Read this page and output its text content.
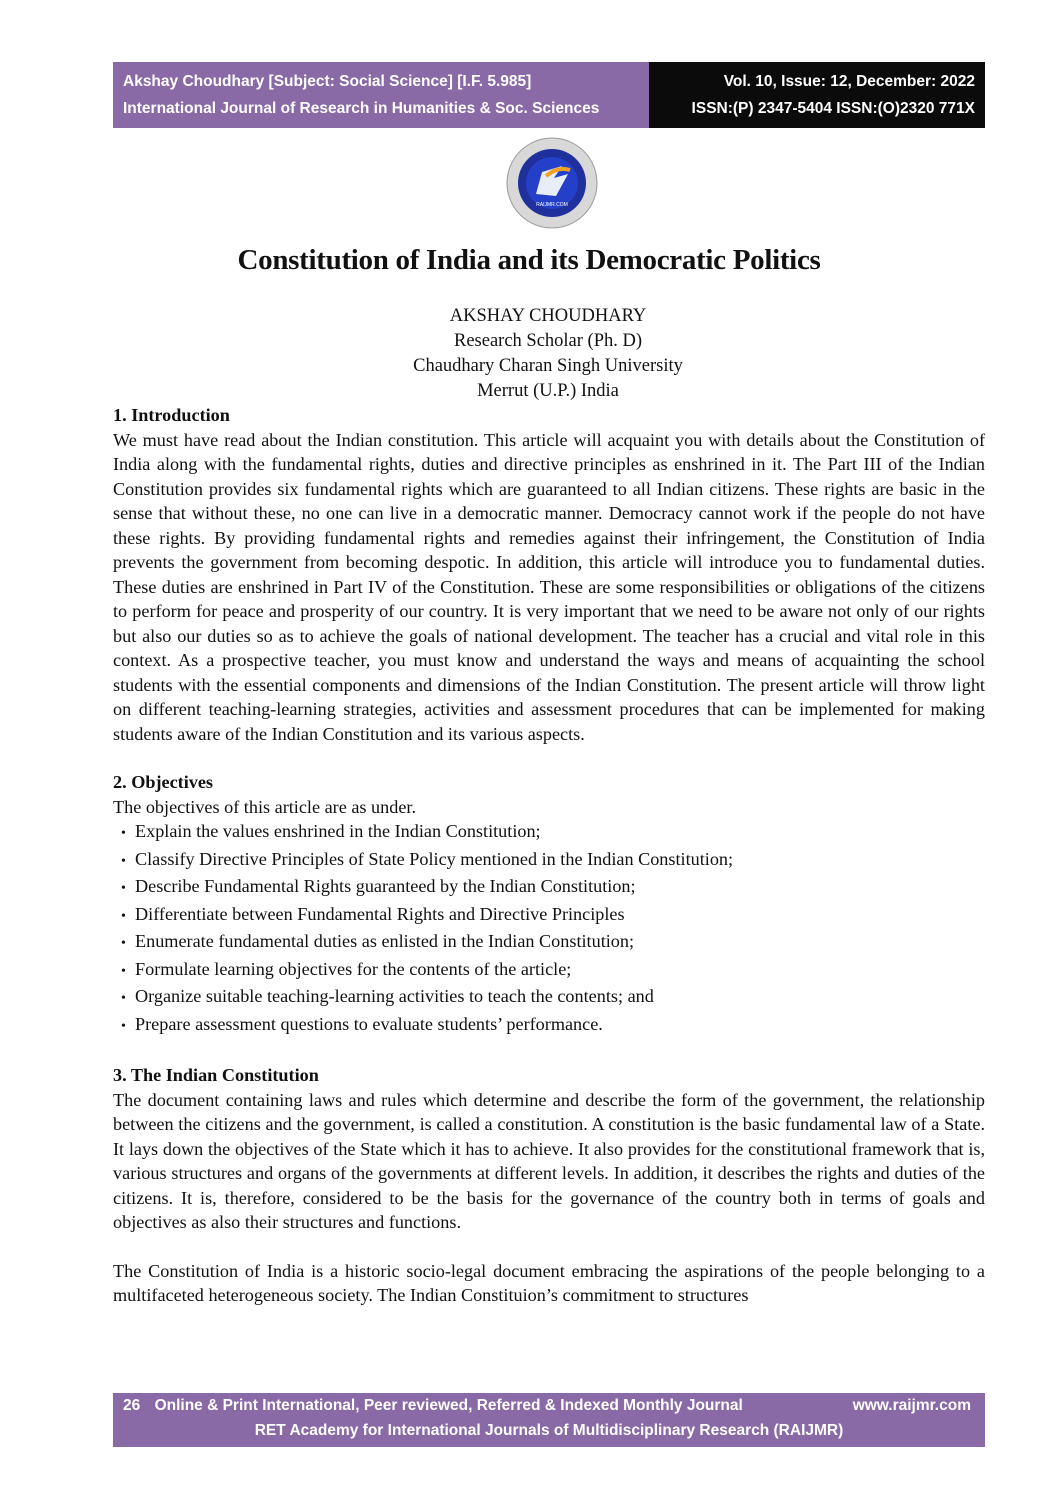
Akshay Choudhary [Subject: Social Science] [I.F. 5.985]
International Journal of Research in Humanities & Soc. Sciences
Vol. 10, Issue: 12, December: 2022
ISSN:(P) 2347-5404 ISSN:(O)2320 771X
RAIJMR.COM
Constitution of India and its Democratic Politics
AKSHAY CHOUDHARY
Research Scholar (Ph. D)
Chaudhary Charan Singh University
Merrut (U.P.) India
1. Introduction

We must have read about the Indian constitution. This article will acquaint you with details about the Constitution of India along with the fundamental rights, duties and directive principles as enshrined in it. The Part III of the Indian Constitution provides six fundamental rights which are guaranteed to all Indian citizens. These rights are basic in the sense that without these, no one can live in a democratic manner. Democracy cannot work if the people do not have these rights. By providing fundamental rights and remedies against their infringement, the Constitution of India prevents the government from becoming despotic. In addition, this article will introduce you to fundamental duties. These duties are enshrined in Part IV of the Constitution. These are some responsibilities or obligations of the citizens to perform for peace and prosperity of our country. It is very important that we need to be aware not only of our rights but also our duties so as to achieve the goals of national development. The teacher has a crucial and vital role in this context. As a prospective teacher, you must know and understand the ways and means of acquainting the school students with the essential components and dimensions of the Indian Constitution. The present article will throw light on different teaching-learning strategies, activities and assessment procedures that can be implemented for making students aware of the Indian Constitution and its various aspects.

2. Objectives

The objectives of this article are as under.

• Explain the values enshrined in the Indian Constitution;
• Classify Directive Principles of State Policy mentioned in the Indian Constitution;
• Describe Fundamental Rights guaranteed by the Indian Constitution;
• Differentiate between Fundamental Rights and Directive Principles
• Enumerate fundamental duties as enlisted in the Indian Constitution;
• Formulate learning objectives for the contents of the article;
• Organize suitable teaching-learning activities to teach the contents; and
• Prepare assessment questions to evaluate students’ performance.
3. The Indian Constitution

The document containing laws and rules which determine and describe the form of the government, the relationship between the citizens and the government, is called a constitution. A constitution is the basic fundamental law of a State. It lays down the objectives of the State which it has to achieve. It also provides for the constitutional framework that is, various structures and organs of the governments at different levels. In addition, it describes the rights and duties of the citizens. It is, therefore, considered to be the basis for the governance of the country both in terms of goals and objectives as also their structures and functions.

The Constitution of India is a historic socio-legal document embracing the aspirations of the people belonging to a multifaceted heterogeneous society. The Indian Constituion’s commitment to structures

26 Online & Print International, Peer reviewed, Referred & Indexed Monthly Journal	www.raijmr.com
RET Academy for International Journals of Multidisciplinary Research (RAIJMR)
